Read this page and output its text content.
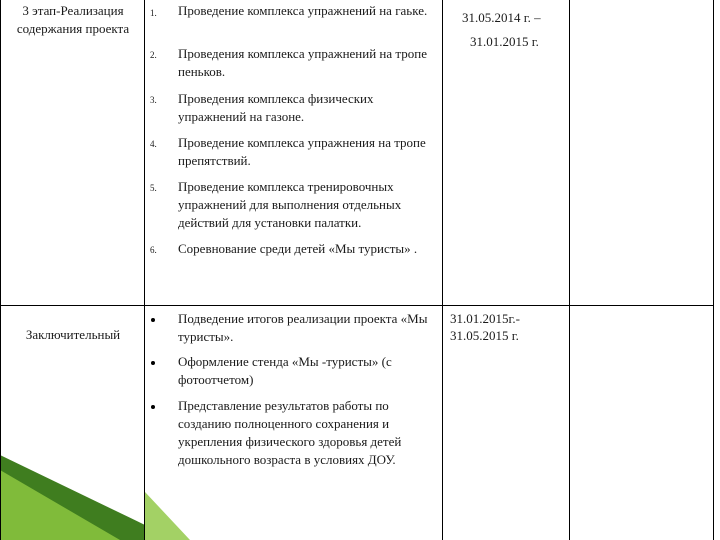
3 этап-Реализация содержания проекта
1. Проведение комплекса упражнений на гаьке.
2. Проведения комплекса упражнений на тропе пеньков.
3. Проведения комплекса физических упражнений на газоне.
4. Проведение комплекса упражнения на тропе препятствий.
5. Проведение комплекса тренировочных упражнений для выполнения отдельных действий для установки палатки.
6. Соревнование среди детей «Мы туристы» .
31.05.2014 г. –
31.01.2015 г.
Заключительный
Подведение итогов реализации проекта «Мы туристы».
Оформление стенда «Мы -туристы» (с фотоотчетом)
Представление результатов работы по созданию полноценного сохранения и укрепления физического здоровья детей дошкольного возраста в условиях ДОУ.
31.01.2015г.-
31.05.2015 г.
